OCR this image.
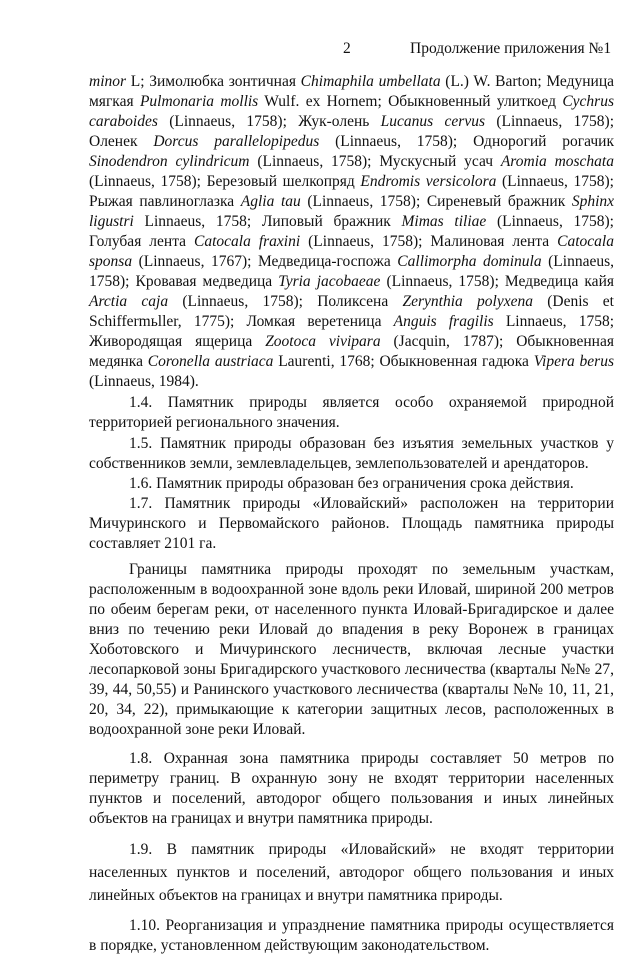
2	Продолжение приложения №1

minor L; Зимолюбка зонтичная Chimaphila umbellata (L.) W. Barton; Медуница мягкая Pulmonaria mollis Wulf. ex Hornem; Обыкновенный улиткоед Cychrus caraboides (Linnaeus, 1758); Жук-олень Lucanus cervus (Linnaeus, 1758); Оленек Dorcus parallelopipedus (Linnaeus, 1758); Однорогий рогачик Sinodendron cylindricum (Linnaeus, 1758); Мускусный усач Aromia moschata (Linnaeus, 1758); Березовый шелкопряд Endromis versicolora (Linnaeus, 1758); Рыжая павлиноглазка Aglia tau (Linnaeus, 1758); Сиреневый бражник Sphinx ligustri Linnaeus, 1758; Липовый бражник Mimas tiliae (Linnaeus, 1758); Голубая лента Catocala fraxini (Linnaeus, 1758); Малиновая лента Catocala sponsa (Linnaeus, 1767); Медведица-госпожа Callimorpha dominula (Linnaeus, 1758); Кровавая медведица Tyria jacobaeae (Linnaeus, 1758); Медведица кайя Arctia caja (Linnaeus, 1758); Поликсена Zerynthia polyxena (Denis et Schiffermьller, 1775); Ломкая веретеница Anguis fragilis Linnaeus, 1758; Живородящая ящерица Zootoca vivipara (Jacquin, 1787); Обыкновенная медянка Coronella austriaca Laurenti, 1768; Обыкновенная гадюка Vipera berus (Linnaeus, 1984).

1.4. Памятник природы является особо охраняемой природной территорией регионального значения.

1.5. Памятник природы образован без изъятия земельных участков у собственников земли, землевладельцев, землепользователей и арендаторов.

1.6. Памятник природы образован без ограничения срока действия.

1.7. Памятник природы «Иловайский» расположен на территории Мичуринского и Первомайского районов. Площадь памятника природы составляет 2101 га.

Границы памятника природы проходят по земельным участкам, расположенным в водоохранной зоне вдоль реки Иловай, шириной 200 метров по обеим берегам реки, от населенного пункта Иловай-Бригадирское и далее вниз по течению реки Иловай до впадения в реку Воронеж в границах Хоботовского и Мичуринского лесничеств, включая лесные участки лесопарковой зоны Бригадирского участкового лесничества (кварталы №№ 27, 39, 44, 50,55) и Ранинского участкового лесничества (кварталы №№ 10, 11, 21, 20, 34, 22), примыкающие к категории защитных лесов, расположенных в водоохранной зоне реки Иловай.

1.8. Охранная зона памятника природы составляет 50 метров по периметру границ. В охранную зону не входят территории населенных пунктов и поселений, автодорог общего пользования и иных линейных объектов на границах и внутри памятника природы.

1.9. В памятник природы «Иловайский» не входят территории населенных пунктов и поселений, автодорог общего пользования и иных линейных объектов на границах и внутри памятника природы.

1.10. Реорганизация и упразднение памятника природы осуществляется в порядке, установленном действующим законодательством.
